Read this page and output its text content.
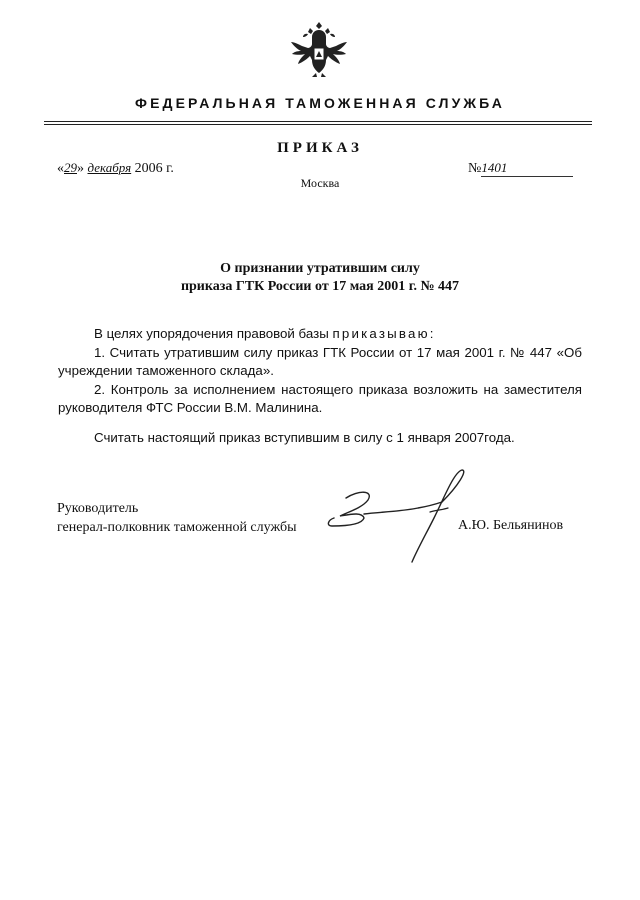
ФЕДЕРАЛЬНАЯ ТАМОЖЕННАЯ СЛУЖБА
ПРИКАЗ
«29» декабря 2006 г.	№1401
Москва
О признании утратившим силу
приказа ГТК России от 17 мая 2001 г. № 447

В целях упорядочения правовой базы приказываю:

1. Считать утратившим силу приказ ГТК России от 17 мая 2001 г. № 447 «Об учреждении таможенного склада».

2. Контроль за исполнением настоящего приказа возложить на заместителя руководителя ФТС России В.М. Малинина.

Считать настоящий приказ вступившим в силу с 1 января 2007года.
Руководитель
генерал-полковник таможенной службы	А.Ю. Бельянинов
